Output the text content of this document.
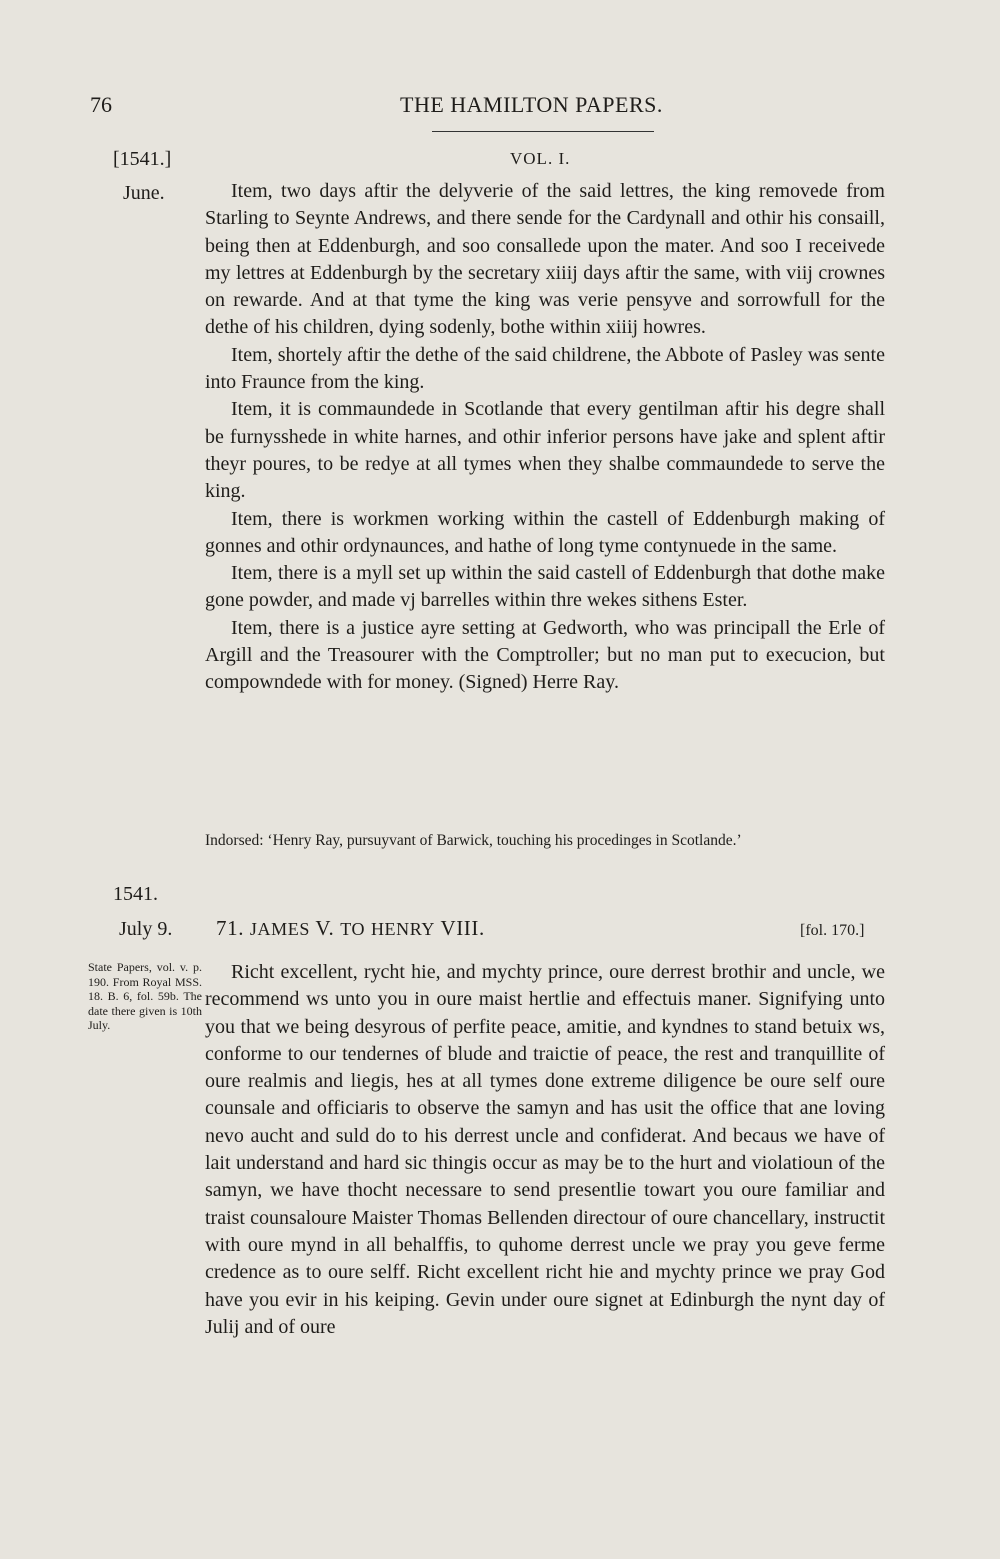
76	THE HAMILTON PAPERS.
[1541.]	VOL. I.
June.	Item, two days aftir the delyverie of the said lettres, the king removede from Starling to Seynte Andrews, and there sende for the Cardynall and othir his consaill, being then at Eddenburgh, and soo consallede upon the mater. And soo I receivede my lettres at Eddenburgh by the secretary xiiij days aftir the same, with viij crownes on rewarde. And at that tyme the king was verie pensyve and sorrowfull for the dethe of his children, dying sodenly, bothe within xiiij howres.

Item, shortely aftir the dethe of the said childrene, the Abbote of Pasley was sente into Fraunce from the king.

Item, it is commaundede in Scotlande that every gentilman aftir his degre shall be furnysshede in white harnes, and othir inferior persons have jake and splent aftir theyr poures, to be redye at all tymes when they shalbe commaundede to serve the king.

Item, there is workmen working within the castell of Eddenburgh making of gonnes and othir ordynaunces, and hathe of long tyme contynuede in the same.

Item, there is a myll set up within the said castell of Eddenburgh that dothe make gone powder, and made vj barrelles within thre wekes sithens Ester.

Item, there is a justice ayre setting at Gedworth, who was principall the Erle of Argill and the Treasourer with the Comptroller; but no man put to execucion, but compowndede with for money. (Signed) Herre Ray.

Indorsed: ‘Henry Ray, pursuyvant of Barwick, touching his procedinges in Scotlande.’
1541.
July 9. 71. JAMES V. TO HENRY VIII.	[fol. 170.]
State Papers, vol. v. p. 190. From Royal MSS. 18. B. 6, fol. 59b. The date there given is 10th July.

Richt excellent, rycht hie, and mychty prince, oure derrest brothir and uncle, we recommend ws unto you in oure maist hertlie and effectuis maner. Signifying unto you that we being desyrous of perfite peace, amitie, and kyndnes to stand betuix ws, conforme to our tendernes of blude and traictie of peace, the rest and tranquillite of oure realmis and liegis, hes at all tymes done extreme diligence be oure self oure counsale and officiaris to observe the samyn and has usit the office that ane loving nevo aucht and suld do to his derrest uncle and confiderat. And becaus we have of lait understand and hard sic thingis occur as may be to the hurt and violatioun of the samyn, we have thocht necessare to send presentlie towart you oure familiar and traist counsaloure Maister Thomas Bellenden directour of oure chancellary, instructit with oure mynd in all behalffis, to quhome derrest uncle we pray you geve ferme credence as to oure selff. Richt excellent richt hie and mychty prince we pray God have you evir in his keiping. Gevin under oure signet at Edinburgh the nynt day of Julij and of oure
